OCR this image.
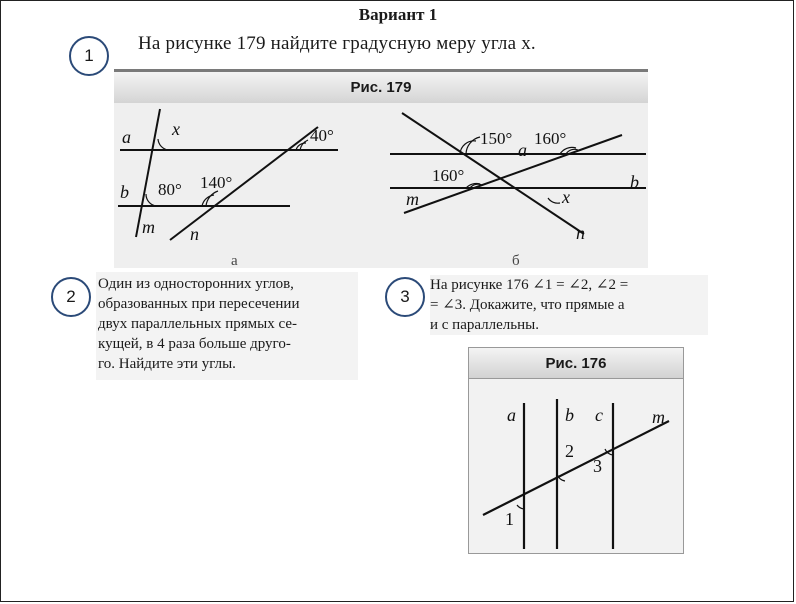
Вариант 1
1
На рисунке 179 найдите градусную меру угла x.
Рис. 179
a x
b
m n
a
b
m	x
n
40°
80° 140°
150° 160°
160°
а	б
2
Один из односторонних углов,
образованных при пересечении
двух параллельных прямых се-
кущей, в 4 раза больше друго-
го. Найдите эти углы.
3
На рисунке 176 ∠1 = ∠2, ∠2 =
= ∠3. Докажите, что прямые a
и c параллельны.
Рис. 176
a	b c	m
1
2
3
